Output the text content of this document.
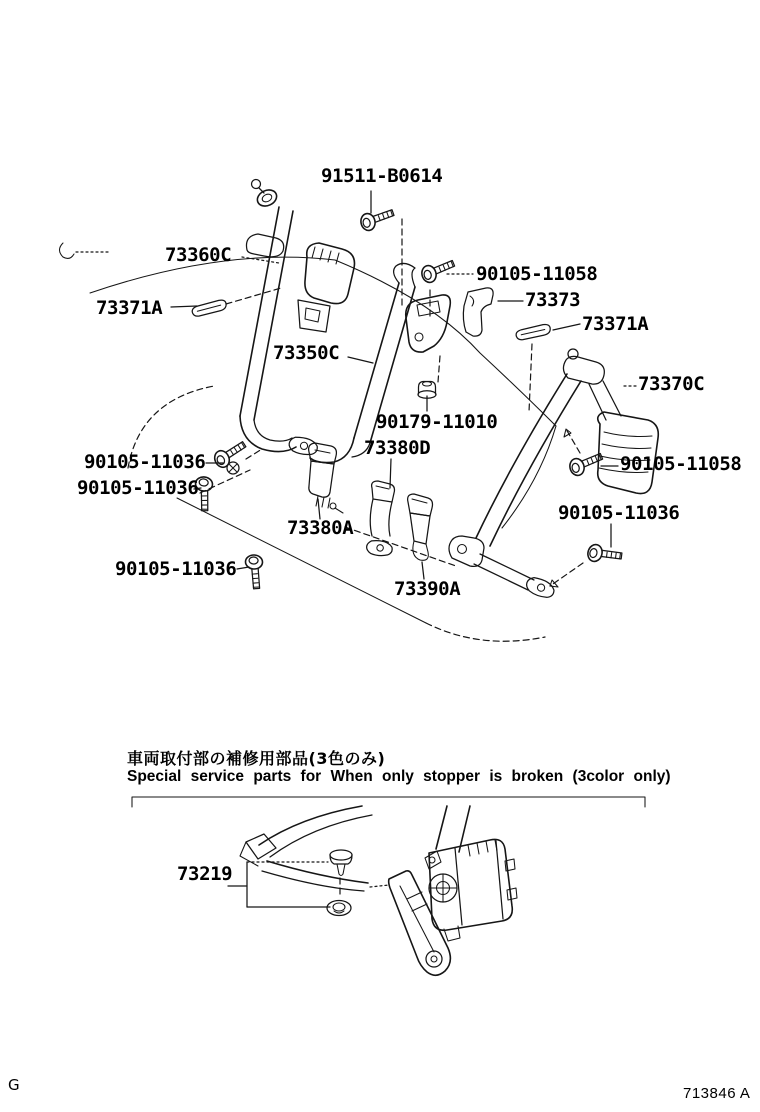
91511-B0614
73360C
90105-11058
73373
73371A
73371A
73350C
73370C
90179-11010
73380D
90105-11036
90105-11036
90105-11058
90105-11036
73380A
90105-11036
73390A
車両取付部の補修用部品(3色のみ)
Special service parts for When only stopper is broken (3color only)
73219
G	713846 A
